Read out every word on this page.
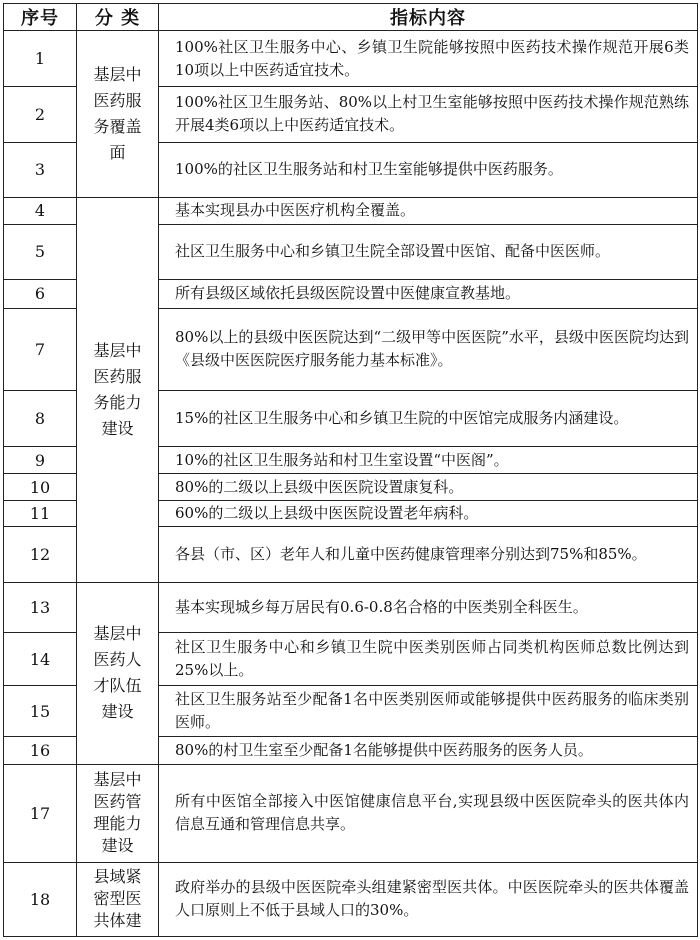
序号	分 类	指标内容
1	基层中医药服务覆盖面	100%社区卫生服务中心、乡镇卫生院能够按照中医药技术操作规范开展6类10项以上中医药适宜技术。
2		100%社区卫生服务站、80%以上村卫生室能够按照中医药技术操作规范熟练开展4类6项以上中医药适宜技术。
3		100%的社区卫生服务站和村卫生室能够提供中医药服务。
4	基层中医药服务能力建设	基本实现县办中医医疗机构全覆盖。
5		社区卫生服务中心和乡镇卫生院全部设置中医馆、配备中医医师。
6		所有县级区域依托县级医院设置中医健康宣教基地。
7		80%以上的县级中医医院达到“二级甲等中医医院”水平，县级中医医院均达到《县级中医医院医疗服务能力基本标准》。
8		15%的社区卫生服务中心和乡镇卫生院的中医馆完成服务内涵建设。
9		10%的社区卫生服务站和村卫生室设置“中医阁”。
10		80%的二级以上县级中医医院设置康复科。
11		60%的二级以上县级中医医院设置老年病科。
12		各县（市、区）老年人和儿童中医药健康管理率分别达到75%和85%。
13	基层中医药人才队伍建设	基本实现城乡每万居民有0.6-0.8名合格的中医类别全科医生。
14		社区卫生服务中心和乡镇卫生院中医类别医师占同类机构医师总数比例达到25%以上。
15		社区卫生服务站至少配备1名中医类别医师或能够提供中医药服务的临床类别医师。
16		80%的村卫生室至少配备1名能够提供中医药服务的医务人员。
17	基层中医药管理能力建设	所有中医馆全部接入中医馆健康信息平台,实现县级中医医院牵头的医共体内信息互通和管理信息共享。
18	县域紧密型医共体建	政府举办的县级中医医院牵头组建紧密型医共体。中医医院牵头的医共体覆盖人口原则上不低于县域人口的30%。
